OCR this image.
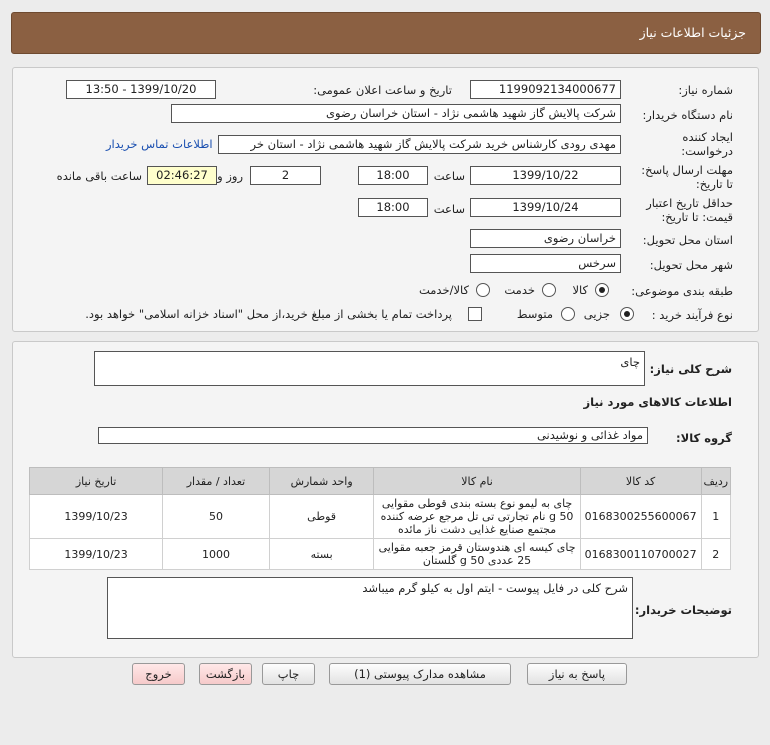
جزئیات اطلاعات نیاز
شماره نیاز:
1199092134000677
تاریخ و ساعت اعلان عمومی:
1399/10/20 - 13:50
نام دستگاه خریدار:
شرکت پالایش گاز شهید هاشمی نژاد - استان خراسان رضوی
ایجاد کننده
درخواست:
مهدی رودی کارشناس خرید شرکت پالایش گاز شهید هاشمی نژاد - استان خر
اطلاعات تماس خریدار
مهلت ارسال پاسخ:
تا تاریخ:
1399/10/22
ساعت
18:00
2
روز و
02:46:27
ساعت باقی مانده
حداقل تاریخ اعتبار
قیمت: تا تاریخ:
1399/10/24
ساعت
18:00
استان محل تحویل:
خراسان رضوی
شهر محل تحویل:
سرخس
طبقه بندی موضوعی:
کالا
خدمت
کالا/خدمت
نوع فرآیند خرید :
جزیی
متوسط
پرداخت تمام یا بخشی از مبلغ خرید،از محل "اسناد خزانه اسلامی" خواهد بود.
شرح کلی نیاز:
چای
اطلاعات کالاهای مورد نیاز
گروه کالا:
مواد غذائی و نوشیدنی
ردیف	کد کالا	نام کالا	واحد شمارش	تعداد / مقدار	تاریخ نیاز
1	0168300255600067	چای به لیمو نوع بسته بندی قوطی مقوایی 50 g نام تجارتی تی تل مرجع عرضه کننده مجتمع صنایع غذایی دشت ناز مائده	قوطی	50	1399/10/23
2	0168300110700027	چای کیسه ای هندوستان قرمز جعبه مقوایی 25 عددی 50 g گلستان	بسته	1000	1399/10/23
توضیحات خریدار:
شرح کلی در فایل پیوست - ایتم اول به کیلو گرم میباشد
پاسخ به نیاز
مشاهده مدارک پیوستی (1)
چاپ
بازگشت
خروج
